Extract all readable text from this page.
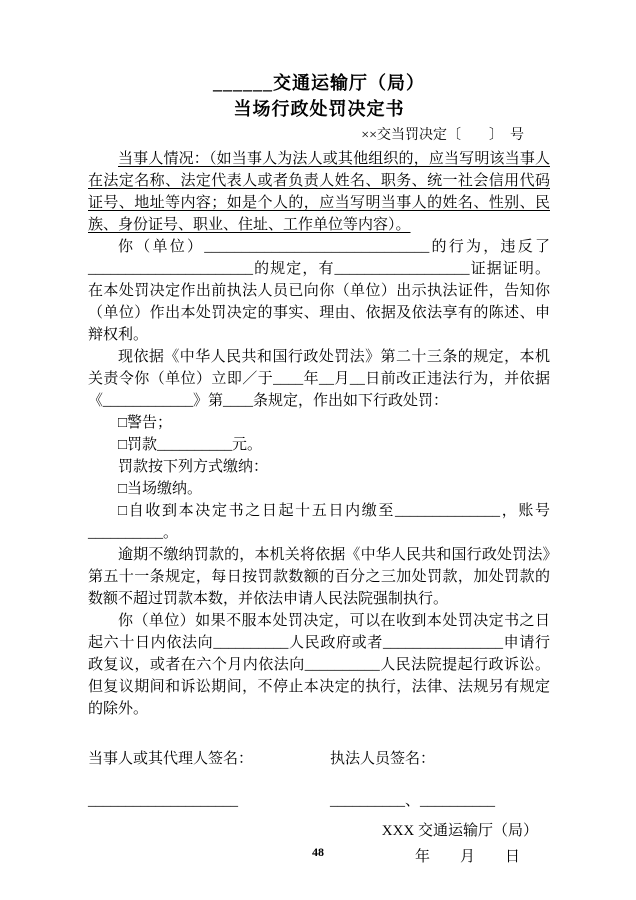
______交通运输厅（局）
当场行政处罚决定书
××交当罚决定〔　　〕　号

当事人情况：（如当事人为法人或其他组织的，应当写明该当事人在法定名称、法定代表人或者负责人姓名、职务、统一社会信用代码证号、地址等内容；如是个人的，应当写明当事人的姓名、性别、民族、身份证号、职业、住址、工作单位等内容）。

你（单位）______________________________的行为，违反了______________________的规定，有__________________证据证明。在本处罚决定作出前执法人员已向你（单位）出示执法证件，告知你（单位）作出本处罚决定的事实、理由、依据及依法享有的陈述、申辩权利。

现依据《中华人民共和国行政处罚法》第二十三条的规定，本机关责令你（单位）立即／于____年__月__日前改正违法行为，并依据《____________》第____条规定，作出如下行政处罚：

□警告；

□罚款__________元。

罚款按下列方式缴纳：

□当场缴纳。

□自收到本决定书之日起十五日内缴至______________，账号__________。

逾期不缴纳罚款的，本机关将依据《中华人民共和国行政处罚法》第五十一条规定，每日按罚款数额的百分之三加处罚款，加处罚款的数额不超过罚款本数，并依法申请人民法院强制执行。

你（单位）如果不服本处罚决定，可以在收到本处罚决定书之日起六十日内依法向__________人民政府或者________________申请行政复议，或者在六个月内依法向__________人民法院提起行政诉讼。但复议期间和诉讼期间，不停止本决定的执行，法律、法规另有规定的除外。

当事人或其代理人签名：	执法人员签名：
____________________	__________、__________
XXX 交通运输厅（局）
年　　月　　日
48
